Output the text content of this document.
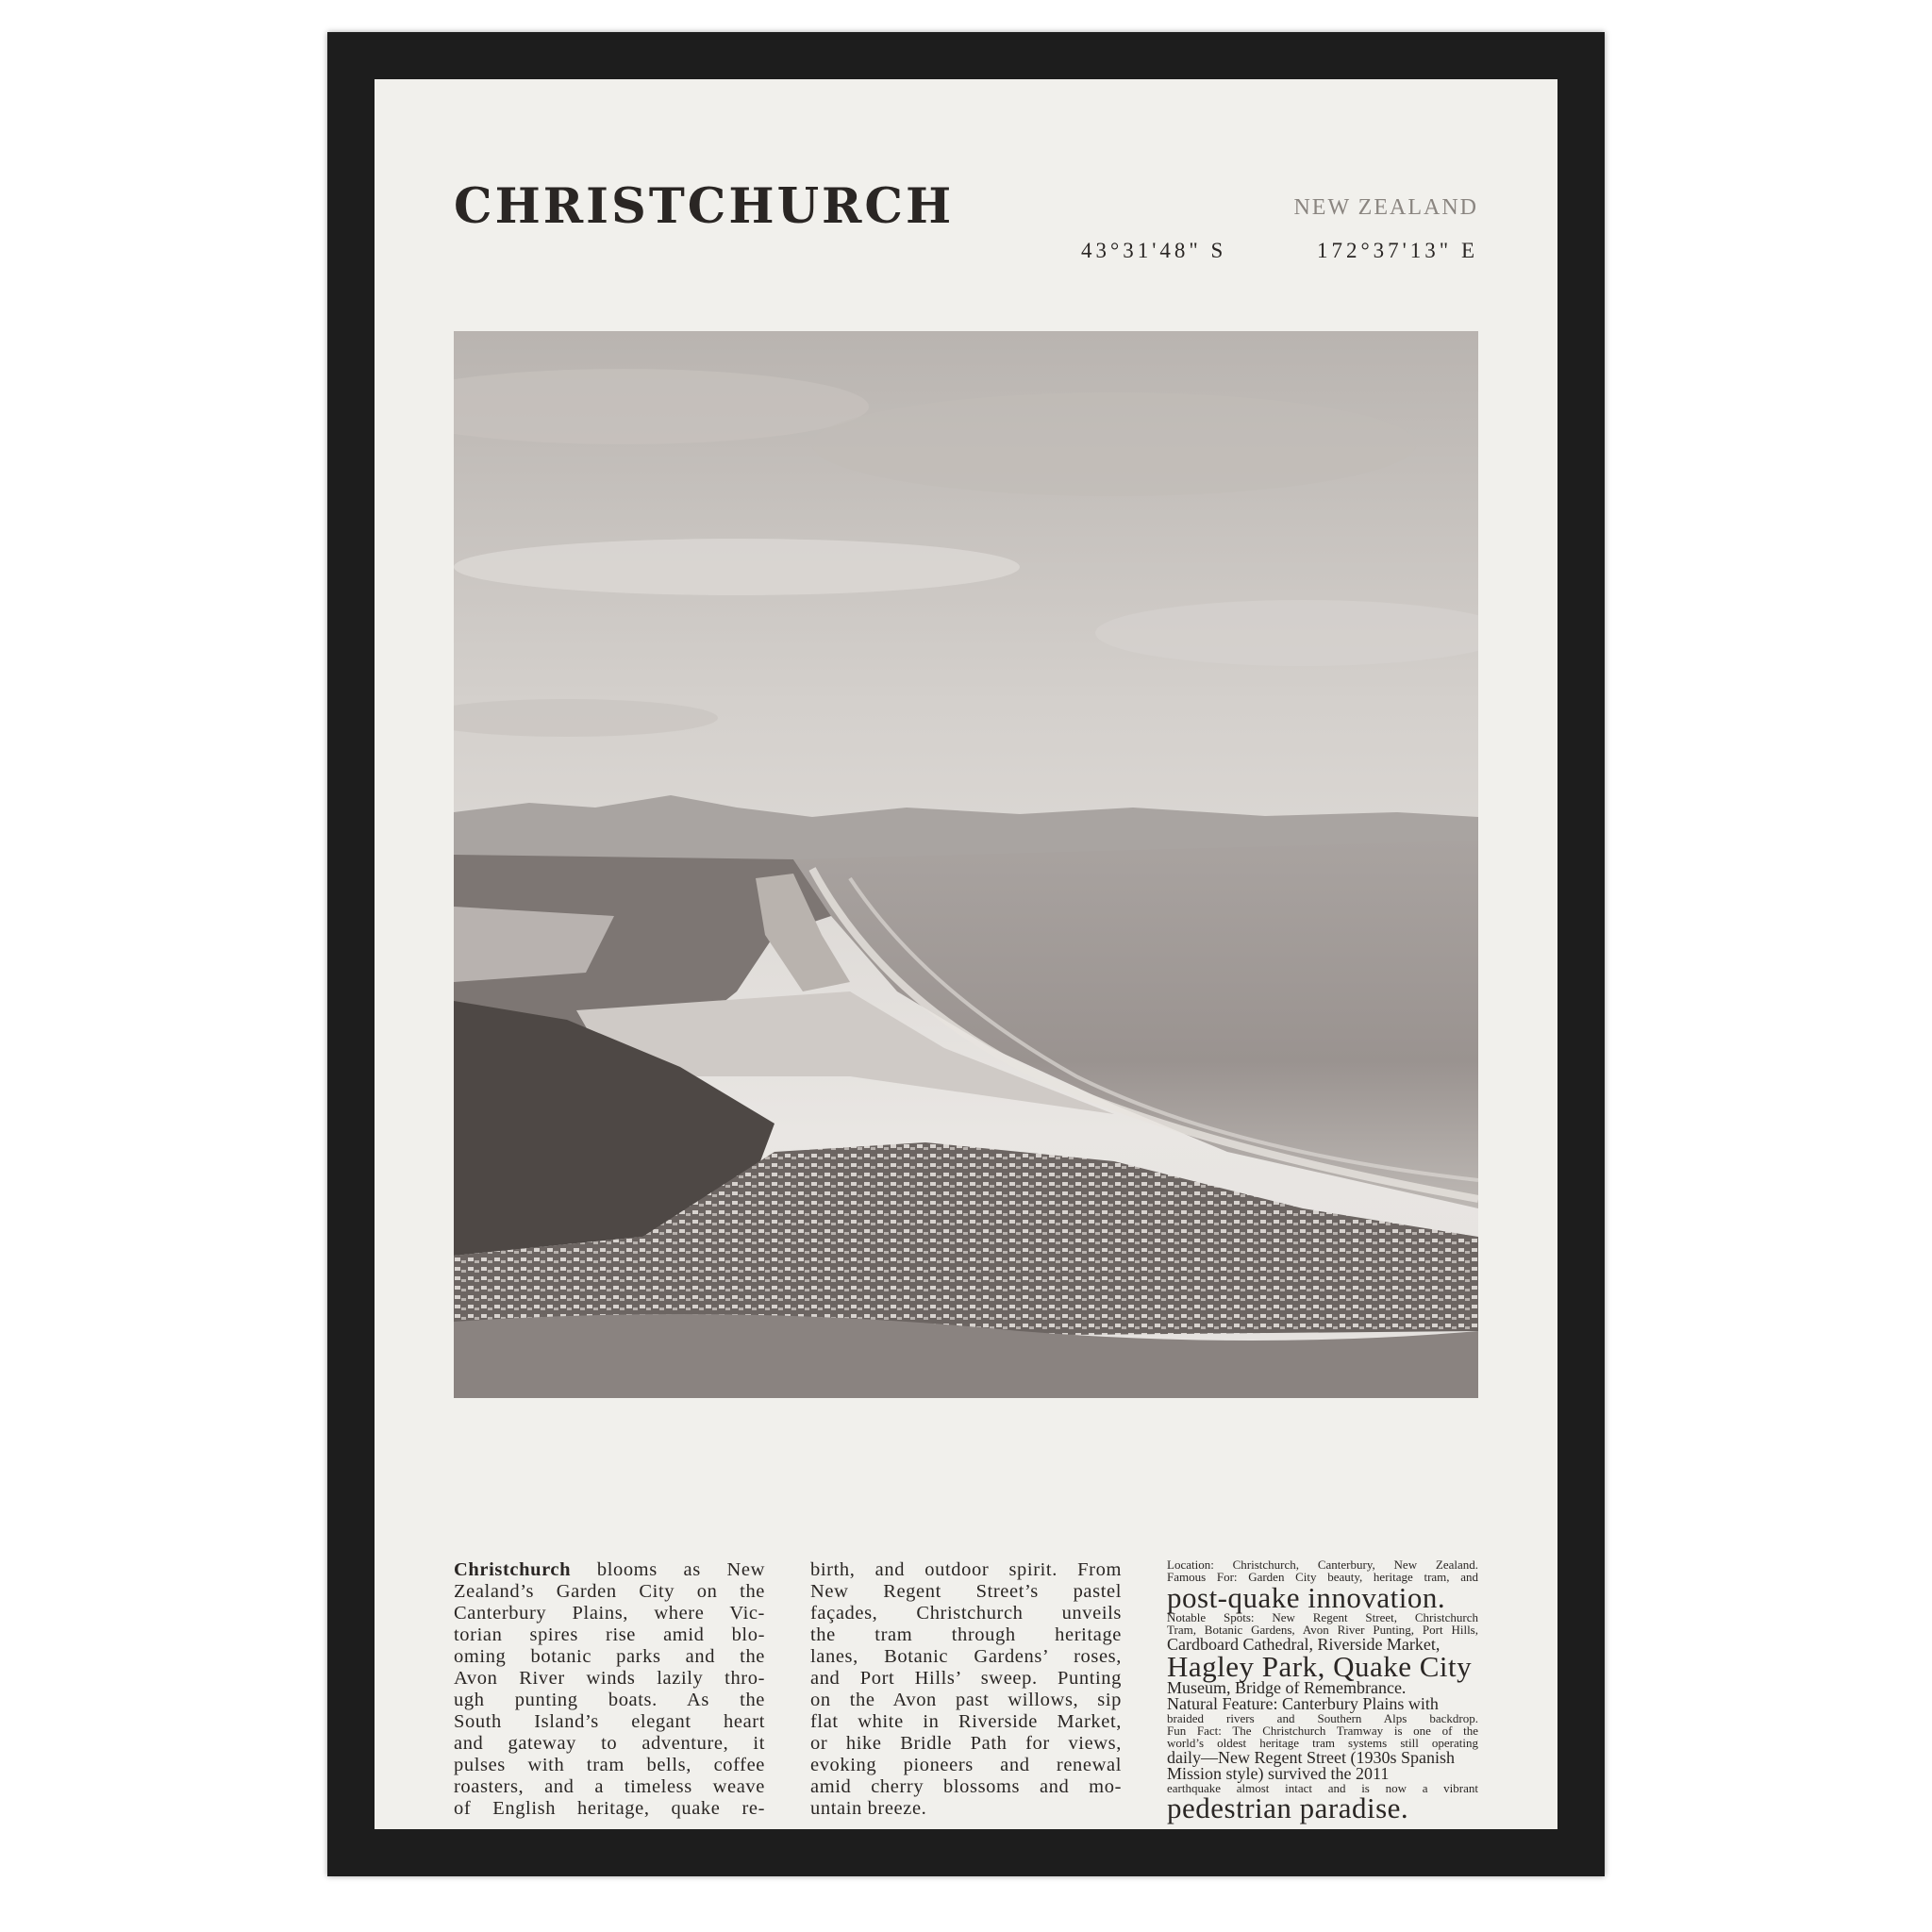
CHRISTCHURCH	NEW ZEALAND
43°31'48" S	172°37'13" E
Christchurch blooms as New
Zealand’s Garden City on the
Canterbury Plains, where Vic-
torian spires rise amid blo-
oming botanic parks and the
Avon River winds lazily thro-
ugh punting boats. As the
South Island’s elegant heart
and gateway to adventure, it
pulses with tram bells, coffee
roasters, and a timeless weave
of English heritage, quake re-
birth, and outdoor spirit. From
New Regent Street’s pastel
façades, Christchurch unveils
the tram through heritage
lanes, Botanic Gardens’ roses,
and Port Hills’ sweep. Punting
on the Avon past willows, sip
flat white in Riverside Market,
or hike Bridle Path for views,
evoking pioneers and renewal
amid cherry blossoms and mo-
untain breeze.
Location: Christchurch, Canterbury, New Zealand.
Famous For: Garden City beauty, heritage tram, and
post-quake innovation.
Notable Spots: New Regent Street, Christchurch
Tram, Botanic Gardens, Avon River Punting, Port Hills,
Cardboard Cathedral, Riverside Market,
Hagley Park, Quake City
Museum, Bridge of Remembrance.
Natural Feature: Canterbury Plains with
braided rivers and Southern Alps backdrop.
Fun Fact: The Christchurch Tramway is one of the
world’s oldest heritage tram systems still operating
daily—New Regent Street (1930s Spanish
Mission style) survived the 2011
earthquake almost intact and is now a vibrant
pedestrian paradise.
